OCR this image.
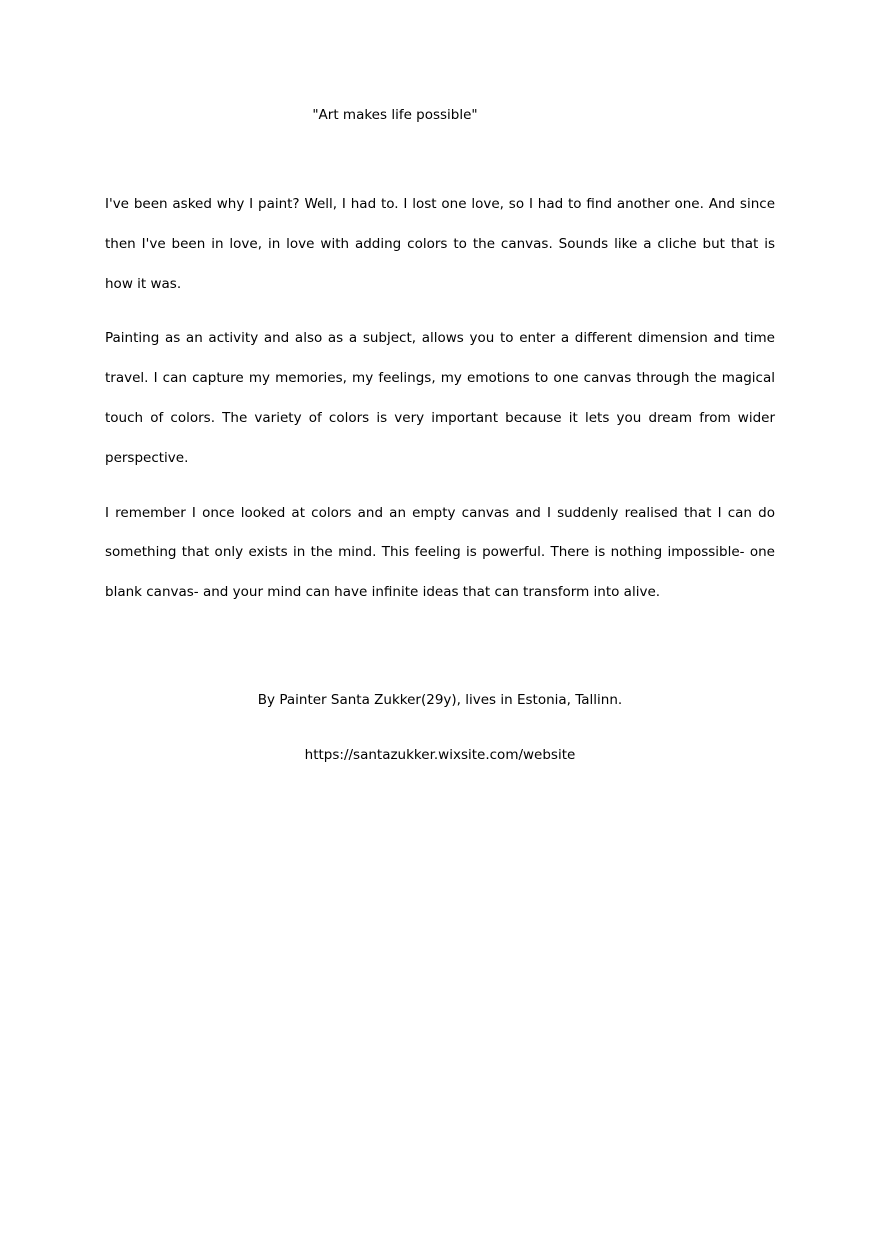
"Art makes life possible"

I've been asked why I paint? Well, I had to. I lost one love, so I had to find another one. And since then I've been in love, in love with adding colors to the canvas. Sounds like a cliche but that is how it was.

Painting as an activity and also as a subject, allows you to enter a different dimension and time travel. I can capture my memories, my feelings, my emotions to one canvas through the magical touch of colors. The variety of colors is very important because it lets you dream from wider perspective.

I remember I once looked at colors and an empty canvas and I suddenly realised that I can do something that only exists in the mind. This feeling is powerful. There is nothing impossible- one blank canvas- and your mind can have infinite ideas that can transform into alive.

By Painter Santa Zukker(29y), lives in Estonia, Tallinn.
https://santazukker.wixsite.com/website
